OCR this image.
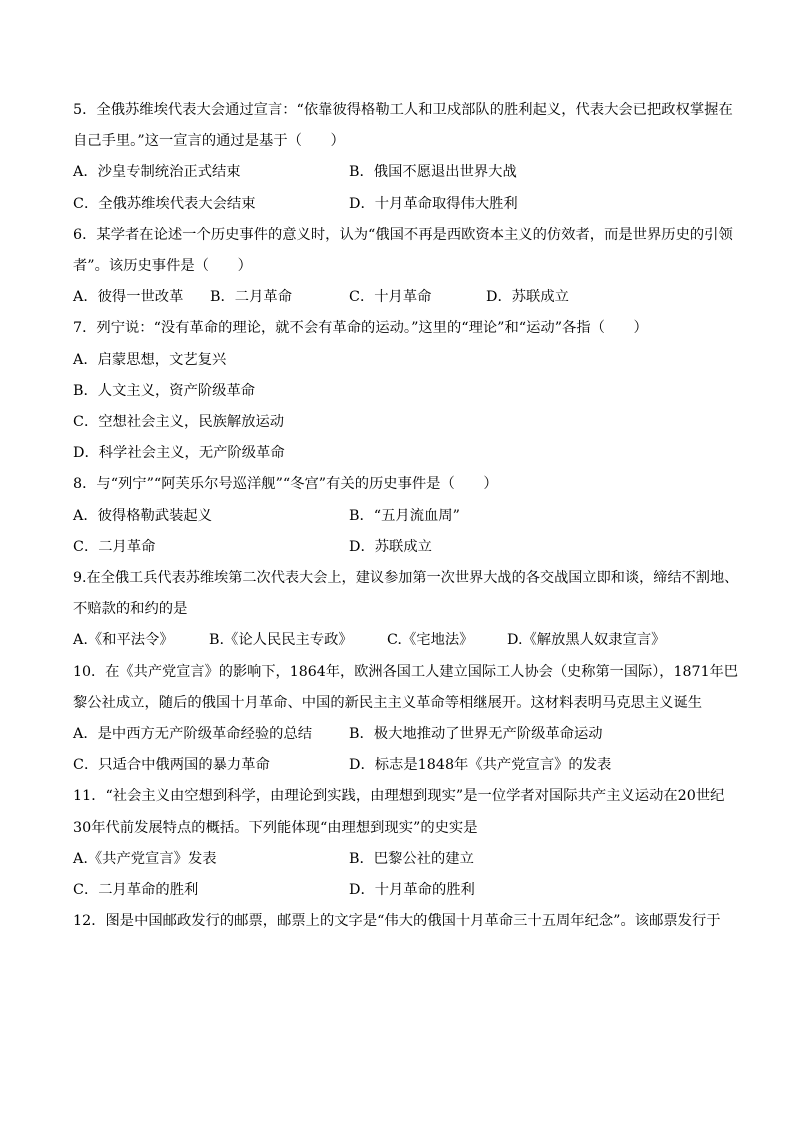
5．全俄苏维埃代表大会通过宣言：“依靠彼得格勒工人和卫戍部队的胜利起义，代表大会已把政权掌握在
自己手里。”这一宣言的通过是基于（　　）
A．沙皇专制统治正式结束	B．俄国不愿退出世界大战
C．全俄苏维埃代表大会结束	D．十月革命取得伟大胜利
6．某学者在论述一个历史事件的意义时，认为“俄国不再是西欧资本主义的仿效者，而是世界历史的引领
者”。该历史事件是（　　）
A．彼得一世改革 B．二月革命	C．十月革命	D．苏联成立
7．列宁说：“没有革命的理论，就不会有革命的运动。”这里的“理论”和“运动”各指（　　）
A．启蒙思想，文艺复兴
B．人文主义，资产阶级革命
C．空想社会主义，民族解放运动
D．科学社会主义，无产阶级革命
8．与“列宁”“阿芙乐尔号巡洋舰”“冬宫”有关的历史事件是（　　）
A．彼得格勒武装起义	B．“五月流血周”
C．二月革命	D．苏联成立
9.在全俄工兵代表苏维埃第二次代表大会上，建议参加第一次世界大战的各交战国立即和谈，缔结不割地、
不赔款的和约的是
A.《和平法令》 B.《论人民民主专政》 C.《宅地法》 D.《解放黑人奴隶宣言》
10．在《共产党宣言》的影响下，1864年，欧洲各国工人建立国际工人协会（史称第一国际），1871年巴
黎公社成立，随后的俄国十月革命、中国的新民主主义革命等相继展开。这材料表明马克思主义诞生
A．是中西方无产阶级革命经验的总结	B．极大地推动了世界无产阶级革命运动
C．只适合中俄两国的暴力革命	D．标志是1848年《共产党宣言》的发表
11．“社会主义由空想到科学，由理论到实践，由理想到现实”是一位学者对国际共产主义运动在20世纪
30年代前发展特点的概括。下列能体现“由理想到现实”的史实是
A.《共产党宣言》发表	B．巴黎公社的建立
C．二月革命的胜利	D．十月革命的胜利
12．图是中国邮政发行的邮票，邮票上的文字是“伟大的俄国十月革命三十五周年纪念”。该邮票发行于
